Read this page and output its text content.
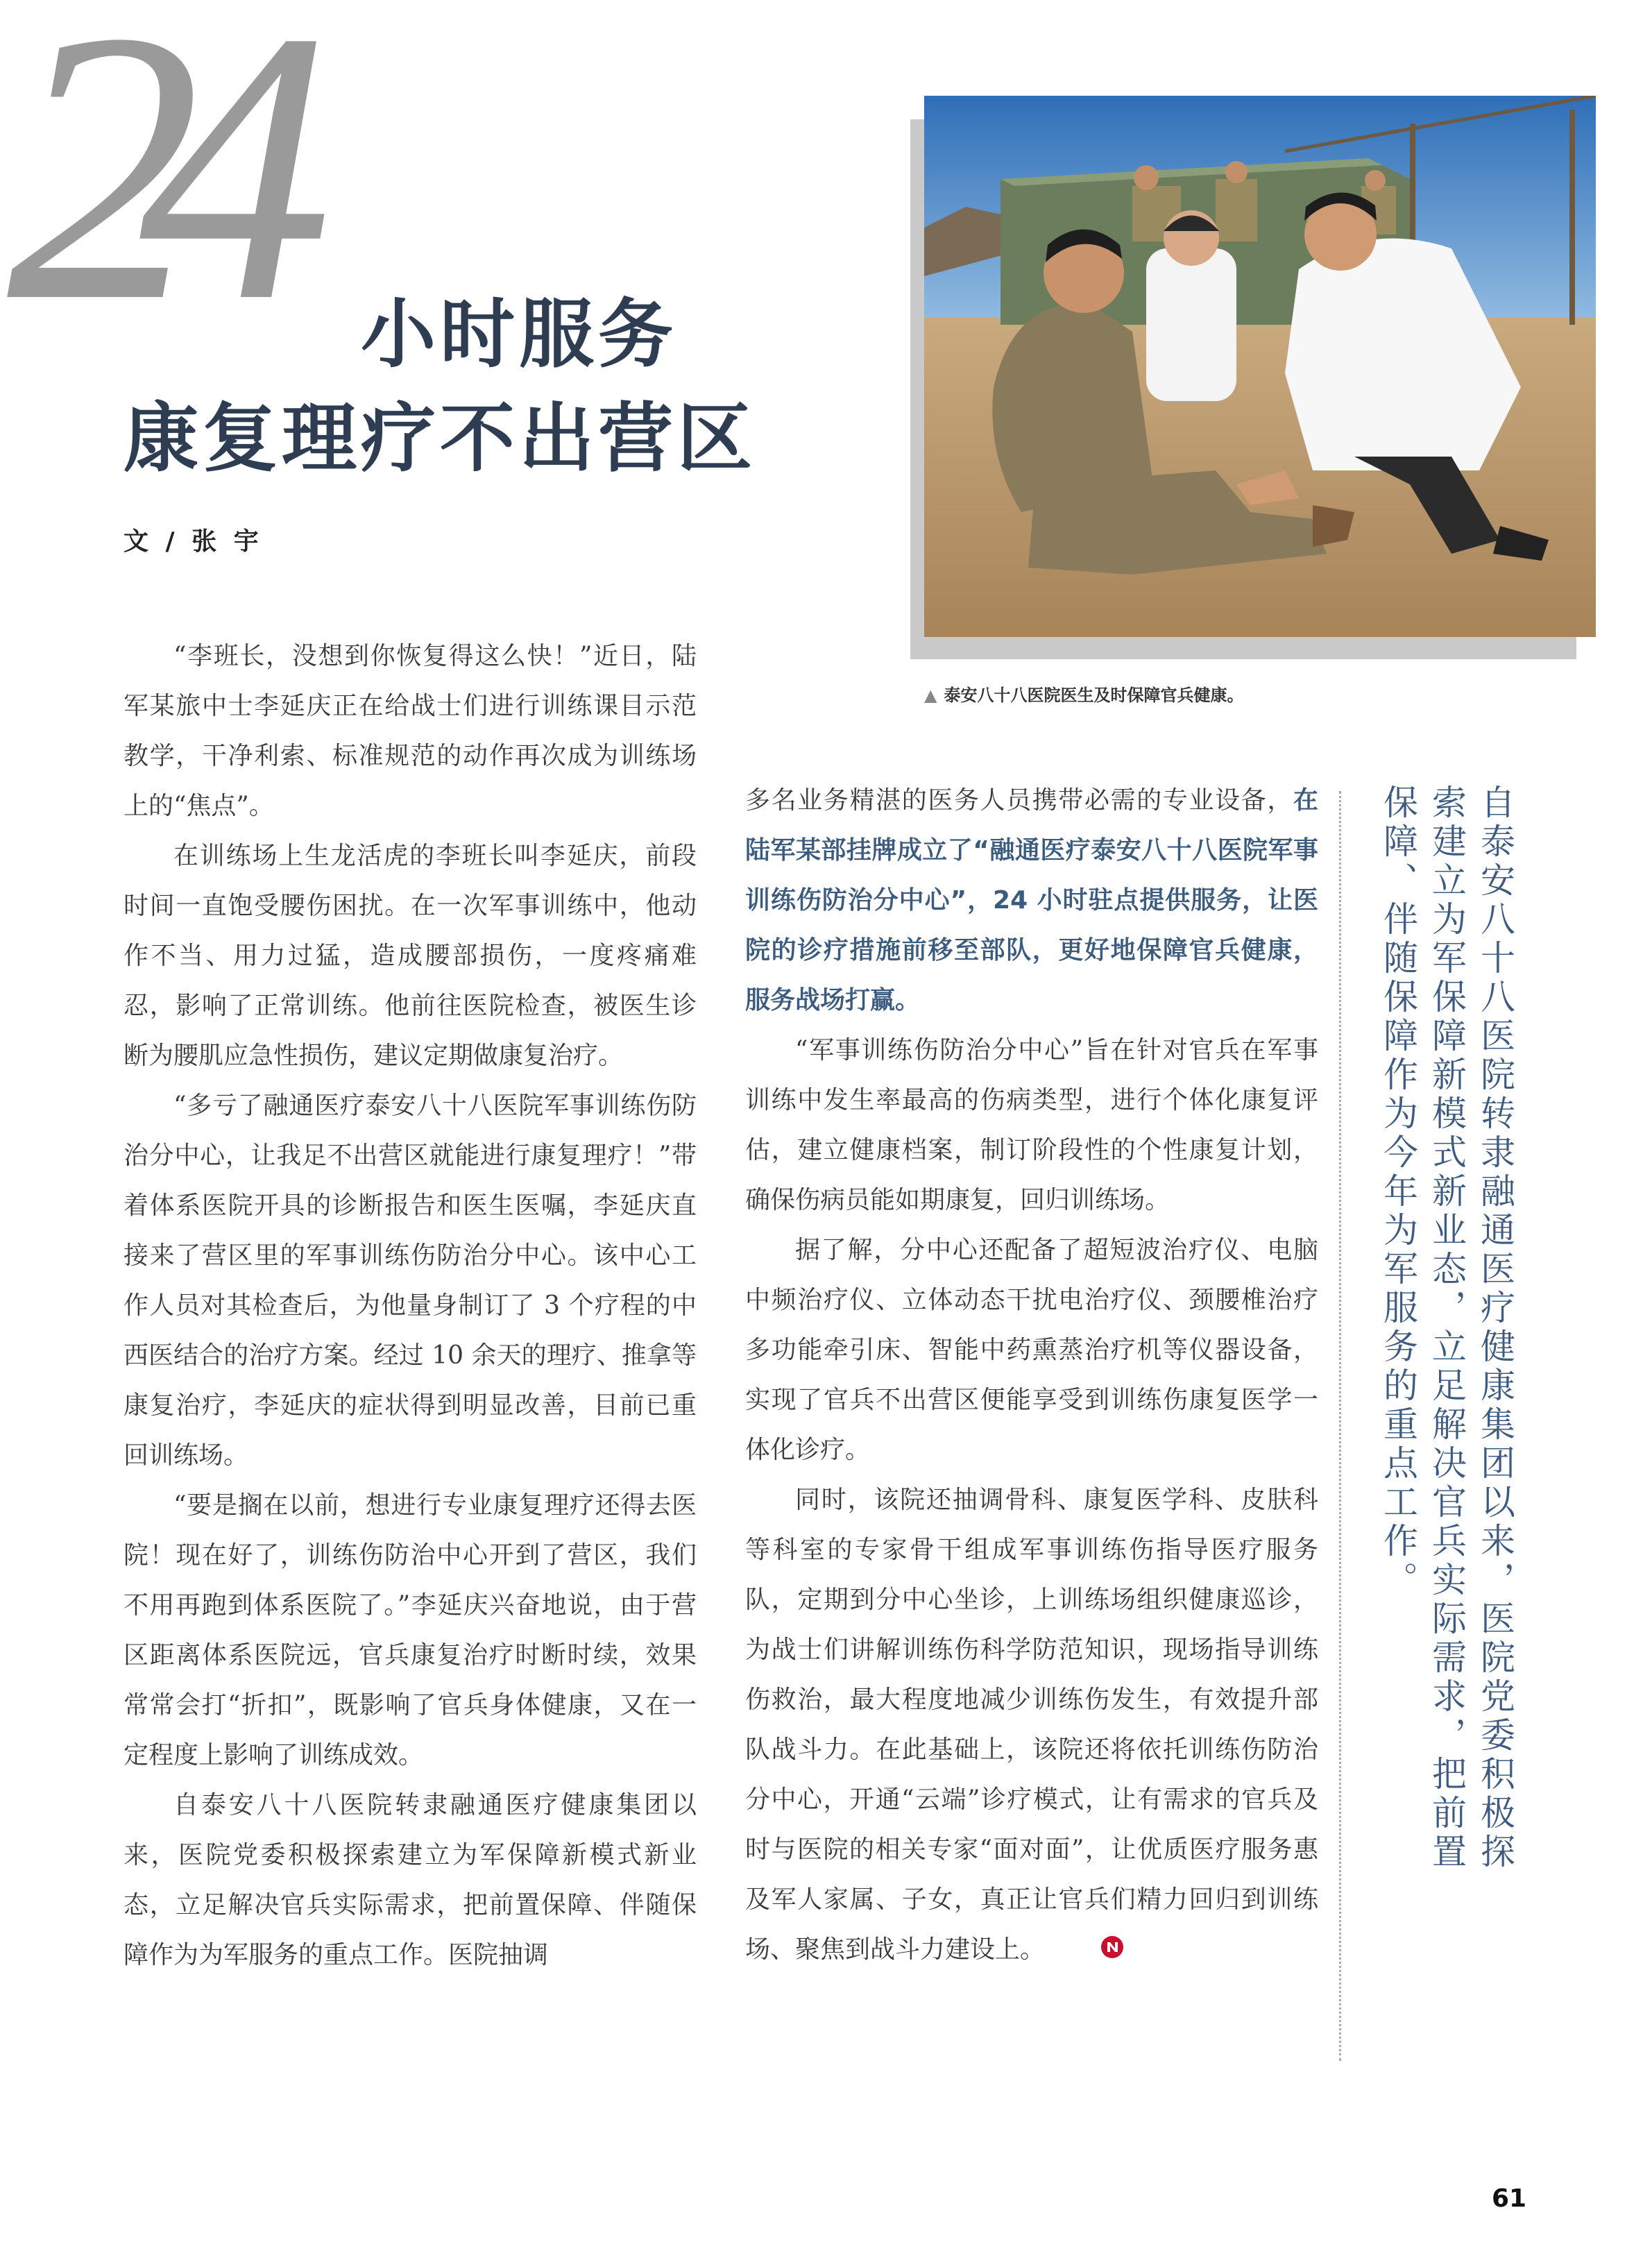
24 小时服务
康复理疗不出营区
文 / 张 宇
▲ 泰安八十八医院医生及时保障官兵健康。

“李班长，没想到你恢复得这么快！”近日，陆军某旅中士李延庆正在给战士们进行训练课目示范教学，干净利索、标准规范的动作再次成为训练场上的“焦点”。

在训练场上生龙活虎的李班长叫李延庆，前段时间一直饱受腰伤困扰。在一次军事训练中，他动作不当、用力过猛，造成腰部损伤，一度疼痛难忍，影响了正常训练。他前往医院检查，被医生诊断为腰肌应急性损伤，建议定期做康复治疗。

“多亏了融通医疗泰安八十八医院军事训练伤防治分中心，让我足不出营区就能进行康复理疗！”带着体系医院开具的诊断报告和医生医嘱，李延庆直接来了营区里的军事训练伤防治分中心。该中心工作人员对其检查后，为他量身制订了 3 个疗程的中西医结合的治疗方案。经过 10 余天的理疗、推拿等康复治疗，李延庆的症状得到明显改善，目前已重回训练场。

“要是搁在以前，想进行专业康复理疗还得去医院！现在好了，训练伤防治中心开到了营区，我们不用再跑到体系医院了。”李延庆兴奋地说，由于营区距离体系医院远，官兵康复治疗时断时续，效果常常会打“折扣”，既影响了官兵身体健康，又在一定程度上影响了训练成效。

自泰安八十八医院转隶融通医疗健康集团以来，医院党委积极探索建立为军保障新模式新业态，立足解决官兵实际需求，把前置保障、伴随保障作为为军服务的重点工作。医院抽调

多名业务精湛的医务人员携带必需的专业设备，在陆军某部挂牌成立了“融通医疗泰安八十八医院军事训练伤防治分中心”，24 小时驻点提供服务，让医院的诊疗措施前移至部队，更好地保障官兵健康，服务战场打赢。

“军事训练伤防治分中心”旨在针对官兵在军事训练中发生率最高的伤病类型，进行个体化康复评估，建立健康档案，制订阶段性的个性康复计划，确保伤病员能如期康复，回归训练场。

据了解，分中心还配备了超短波治疗仪、电脑中频治疗仪、立体动态干扰电治疗仪、颈腰椎治疗多功能牵引床、智能中药熏蒸治疗机等仪器设备，实现了官兵不出营区便能享受到训练伤康复医学一体化诊疗。

同时，该院还抽调骨科、康复医学科、皮肤科等科室的专家骨干组成军事训练伤指导医疗服务队，定期到分中心坐诊，上训练场组织健康巡诊，为战士们讲解训练伤科学防范知识，现场指导训练伤救治，最大程度地减少训练伤发生，有效提升部队战斗力。在此基础上，该院还将依托训练伤防治分中心，开通“云端”诊疗模式，让有需求的官兵及时与医院的相关专家“面对面”，让优质医疗服务惠及军人家属、子女，真正让官兵们精力回归到训练场、聚焦到战斗力建设上。

自泰安八十八医院转隶融通医疗健康集团以来，医院党委积极探索建立为军保障新模式新业态，立足解决官兵实际需求，把前置保障、伴随保障作为今年为军服务的重点工作。

61
